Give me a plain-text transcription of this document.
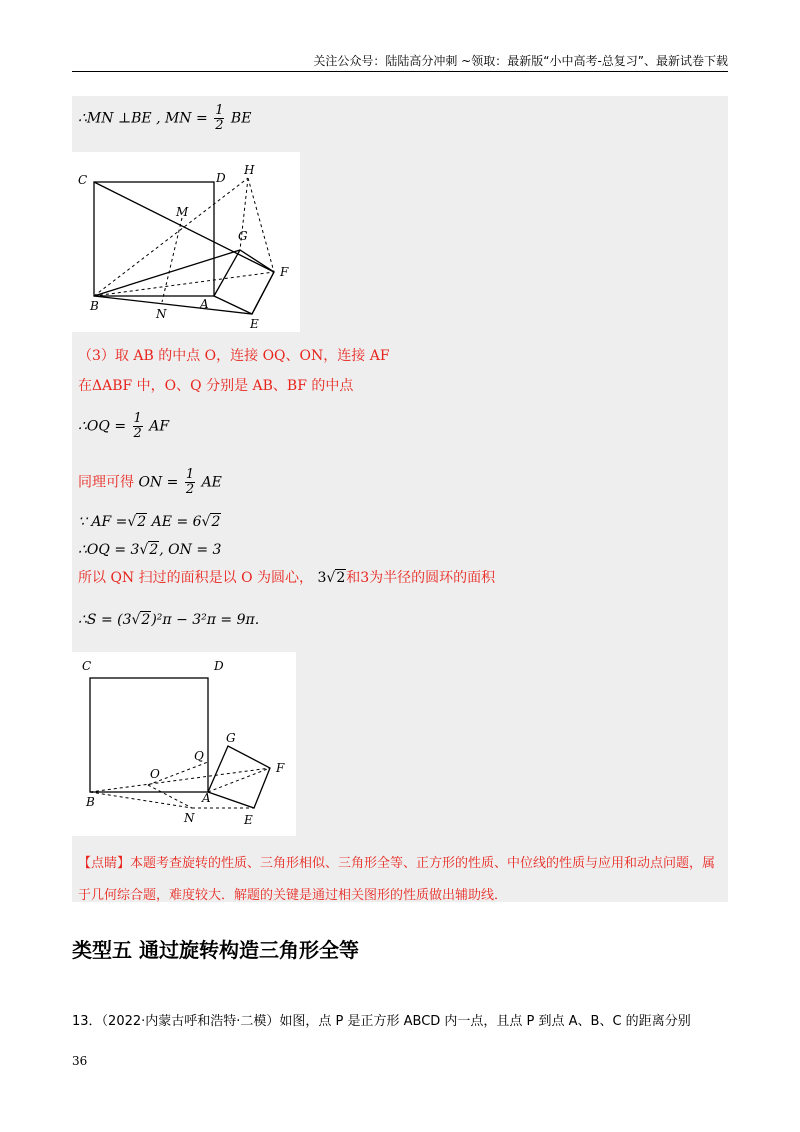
关注公众号：陆陆高分冲刺 ~领取：最新版“小中高考-总复习”、最新试卷下载
∴MN ⊥BE , MN = $\frac{1}{2}$ BE
C	D
H
M
G
F
B	A
N
E
（3）取 AB 的中点 O，连接 OQ、ON，连接 AF
在ΔABF 中，O、Q 分别是 AB、BF 的中点
∴OQ = $\frac{1}{2}$ AF
同理可得 ON = $\frac{1}{2}$ AE
∵ AF =√2 AE = 6√2
∴OQ = 3√2, ON = 3
所以 QN 扫过的面积是以 O 为圆心， 3√2和3为半径的圆环的面积
∴S = (3√2)²π − 3²π = 9π.
C	D
G
Q
F
O
A
B
N	E
【点睛】本题考查旋转的性质、三角形相似、三角形全等、正方形的性质、中位线的性质与应用和动点问题，属于几何综合题，难度较大．解题的关键是通过相关图形的性质做出辅助线．
类型五 通过旋转构造三角形全等
13．（2022·内蒙古呼和浩特·二模）如图，点 P 是正方形 ABCD 内一点，且点 P 到点 A、B、C 的距离分别
36
